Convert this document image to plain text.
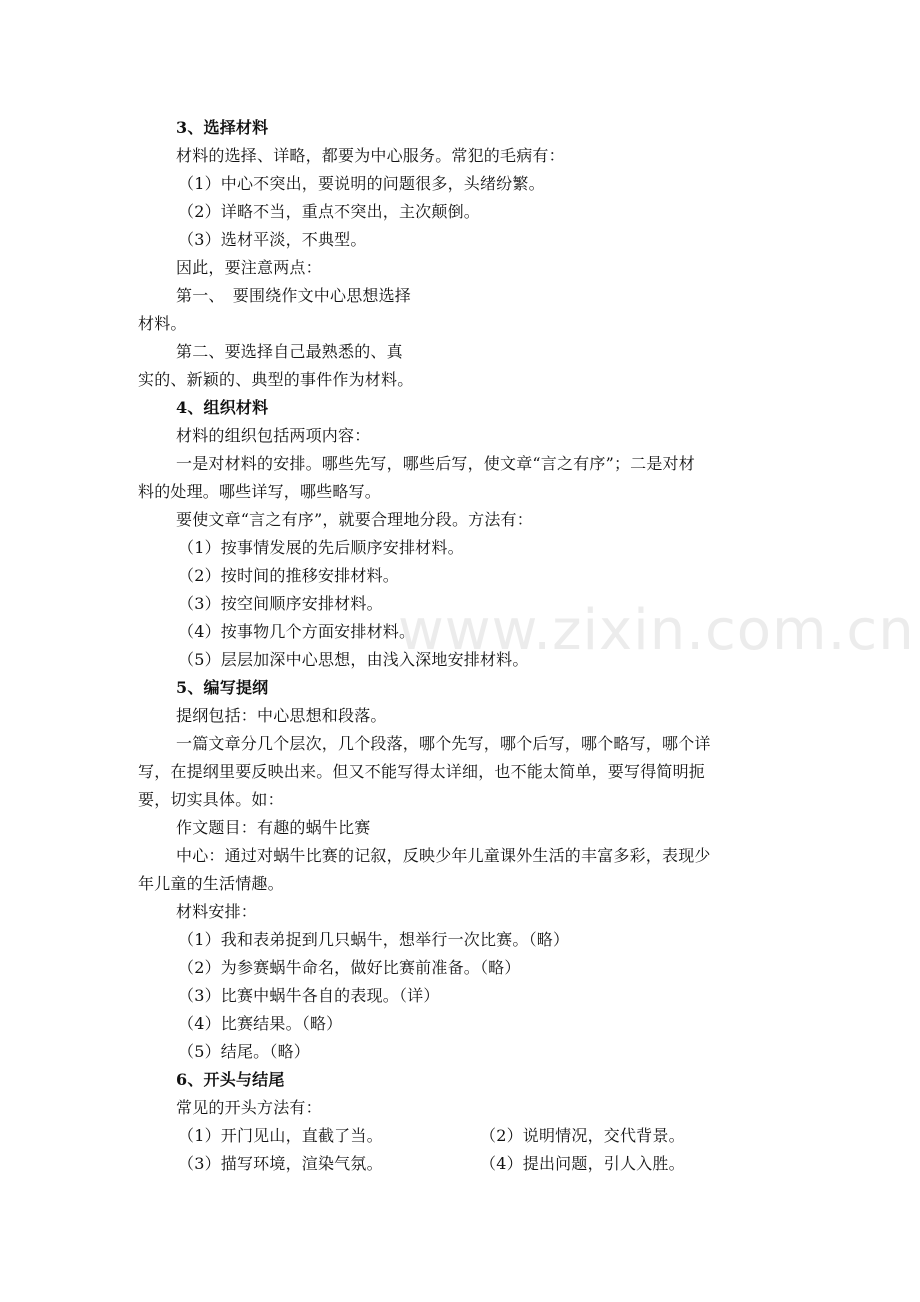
www.zixin.com.cn
3、选择材料
材料的选择、详略，都要为中心服务。常犯的毛病有：
（1）中心不突出，要说明的问题很多，头绪纷繁。
（2）详略不当，重点不突出，主次颠倒。
（3）选材平淡，不典型。
因此，要注意两点：
第一、　要围绕作文中心思想选择
材料。
第二、要选择自己最熟悉的、真
实的、新颖的、典型的事件作为材料。
4、组织材料
材料的组织包括两项内容：
一是对材料的安排。哪些先写，哪些后写，使文章“言之有序”；二是对材
料的处理。哪些详写，哪些略写。
要使文章“言之有序”，就要合理地分段。方法有：
（1）按事情发展的先后顺序安排材料。
（2）按时间的推移安排材料。
（3）按空间顺序安排材料。
（4）按事物几个方面安排材料。
（5）层层加深中心思想，由浅入深地安排材料。
5、编写提纲
提纲包括：中心思想和段落。
一篇文章分几个层次，几个段落，哪个先写，哪个后写，哪个略写，哪个详
写，在提纲里要反映出来。但又不能写得太详细，也不能太简单，要写得简明扼
要，切实具体。如：
作文题目：有趣的蜗牛比赛
中心：通过对蜗牛比赛的记叙，反映少年儿童课外生活的丰富多彩，表现少
年儿童的生活情趣。
材料安排：
（1）我和表弟捉到几只蜗牛，想举行一次比赛。（略）
（2）为参赛蜗牛命名，做好比赛前准备。（略）
（3）比赛中蜗牛各自的表现。（详）
（4）比赛结果。（略）
（5）结尾。（略）
6、开头与结尾
常见的开头方法有：
（1）开门见山，直截了当。	（2）说明情况，交代背景。
（3）描写环境，渲染气氛。	（4）提出问题，引人入胜。
